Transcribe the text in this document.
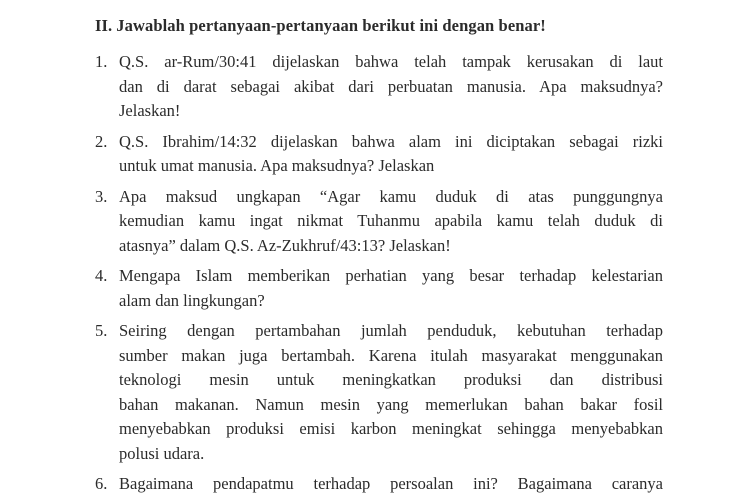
II. Jawablah pertanyaan-pertanyaan berikut ini dengan benar!
1. Q.S. ar-Rum/30:41 dijelaskan bahwa telah tampak kerusakan di laut
dan di darat sebagai akibat dari perbuatan manusia. Apa maksudnya?
Jelaskan!
2. Q.S. Ibrahim/14:32 dijelaskan bahwa alam ini diciptakan sebagai rizki
untuk umat manusia. Apa maksudnya? Jelaskan
3. Apa maksud ungkapan “Agar kamu duduk di atas punggungnya
kemudian kamu ingat nikmat Tuhanmu apabila kamu telah duduk di
atasnya” dalam Q.S. Az-Zukhruf/43:13? Jelaskan!
4. Mengapa Islam memberikan perhatian yang besar terhadap kelestarian
alam dan lingkungan?
5. Seiring dengan pertambahan jumlah penduduk, kebutuhan terhadap
sumber makan juga bertambah. Karena itulah masyarakat menggunakan
teknologi mesin untuk meningkatkan produksi dan distribusi
bahan makanan. Namun mesin yang memerlukan bahan bakar fosil
menyebabkan produksi emisi karbon meningkat sehingga menyebabkan
polusi udara.
6. Bagaimana pendapatmu terhadap persoalan ini? Bagaimana caranya
